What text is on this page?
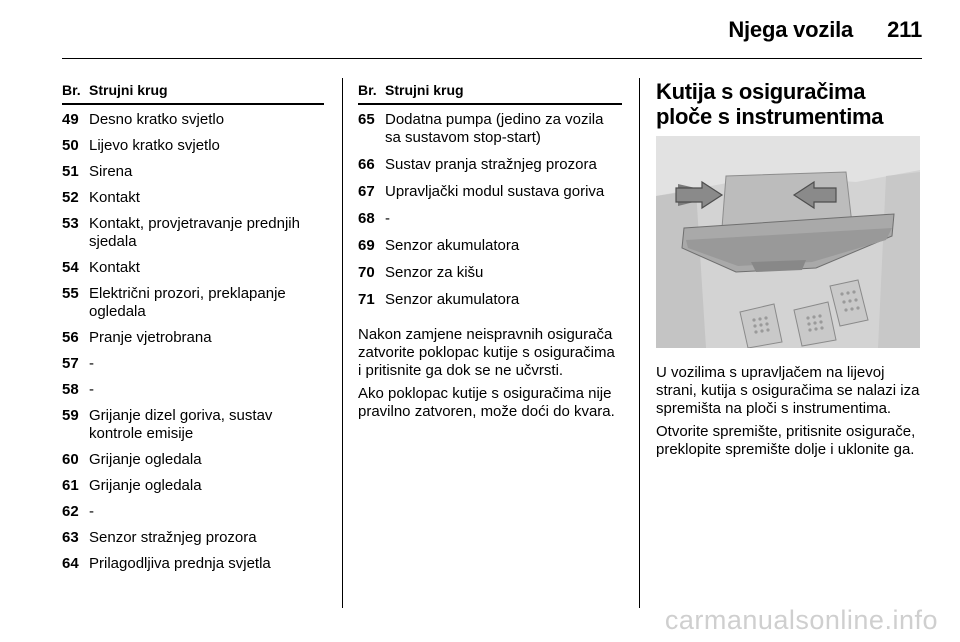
Njega vozila 211
Br. Strujni krug
49 Desno kratko svjetlo
50 Lijevo kratko svjetlo
51 Sirena
52 Kontakt
53 Kontakt, provjetravanje prednjih sjedala
54 Kontakt
55 Električni prozori, preklapanje ogledala
56 Pranje vjetrobrana
57 -
58 -
59 Grijanje dizel goriva, sustav kontrole emisije
60 Grijanje ogledala
61 Grijanje ogledala
62 -
63 Senzor stražnjeg prozora
64 Prilagodljiva prednja svjetla
Br. Strujni krug
65 Dodatna pumpa (jedino za vozila sa sustavom stop-start)
66 Sustav pranja stražnjeg prozora
67 Upravljački modul sustava goriva
68 -
69 Senzor akumulatora
70 Senzor za kišu
71 Senzor akumulatora
Nakon zamjene neispravnih osigurača zatvorite poklopac kutije s osiguračima i pritisnite ga dok se ne učvrsti.
Ako poklopac kutije s osiguračima nije pravilno zatvoren, može doći do kvara.
Kutija s osiguračima ploče s instrumentima
U vozilima s upravljačem na lijevoj strani, kutija s osiguračima se nalazi iza spremišta na ploči s instrumentima.
Otvorite spremište, pritisnite osigurače, preklopite spremište dolje i uklonite ga.
carmanualsonline.info
